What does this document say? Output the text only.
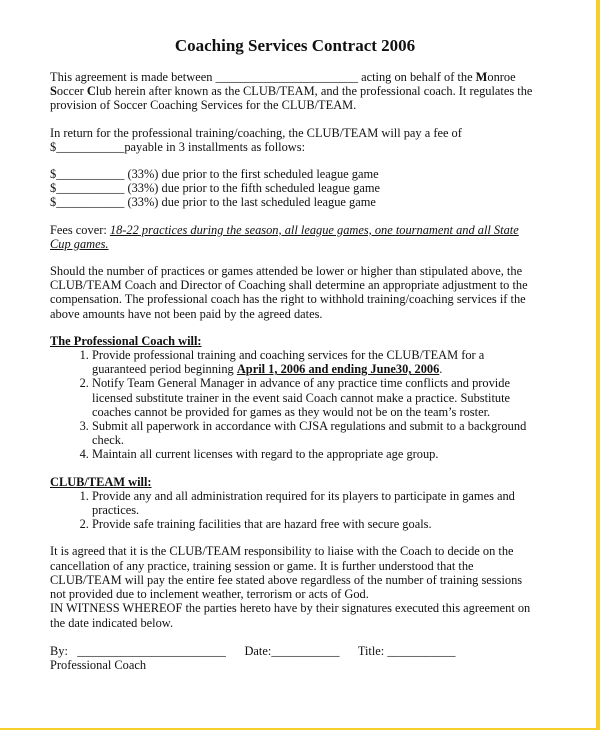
Coaching Services Contract 2006

This agreement is made between _______________________ acting on behalf of the Monroe Soccer Club herein after known as the CLUB/TEAM, and the professional coach. It regulates the provision of Soccer Coaching Services for the CLUB/TEAM.

In return for the professional training/coaching, the CLUB/TEAM will pay a fee of
$___________payable in 3 installments as follows:

$___________ (33%) due prior to the first scheduled league game
$___________ (33%) due prior to the fifth scheduled league game
$___________ (33%) due prior to the last scheduled league game

Fees cover: 18-22 practices during the season, all league games, one tournament and all State Cup games.

Should the number of practices or games attended be lower or higher than stipulated above, the CLUB/TEAM Coach and Director of Coaching shall determine an appropriate adjustment to the compensation. The professional coach has the right to withhold training/coaching services if the above amounts have not been paid by the agreed dates.

The Professional Coach will:
1. Provide professional training and coaching services for the CLUB/TEAM for a guaranteed period beginning April 1, 2006 and ending June30, 2006.
2. Notify Team General Manager in advance of any practice time conflicts and provide licensed substitute trainer in the event said Coach cannot make a practice. Substitute coaches cannot be provided for games as they would not be on the team’s roster.
3. Submit all paperwork in accordance with CJSA regulations and submit to a background check.
4. Maintain all current licenses with regard to the appropriate age group.
CLUB/TEAM will:
1. Provide any and all administration required for its players to participate in games and practices.
2. Provide safe training facilities that are hazard free with secure goals.

It is agreed that it is the CLUB/TEAM responsibility to liaise with the Coach to decide on the cancellation of any practice, training session or game. It is further understood that the CLUB/TEAM will pay the entire fee stated above regardless of the number of training sessions not provided due to inclement weather, terrorism or acts of God.

IN WITNESS WHEREOF the parties hereto have by their signatures executed this agreement on the date indicated below.

By:   ________________________ Date:___________ Title: ___________
Professional Coach
